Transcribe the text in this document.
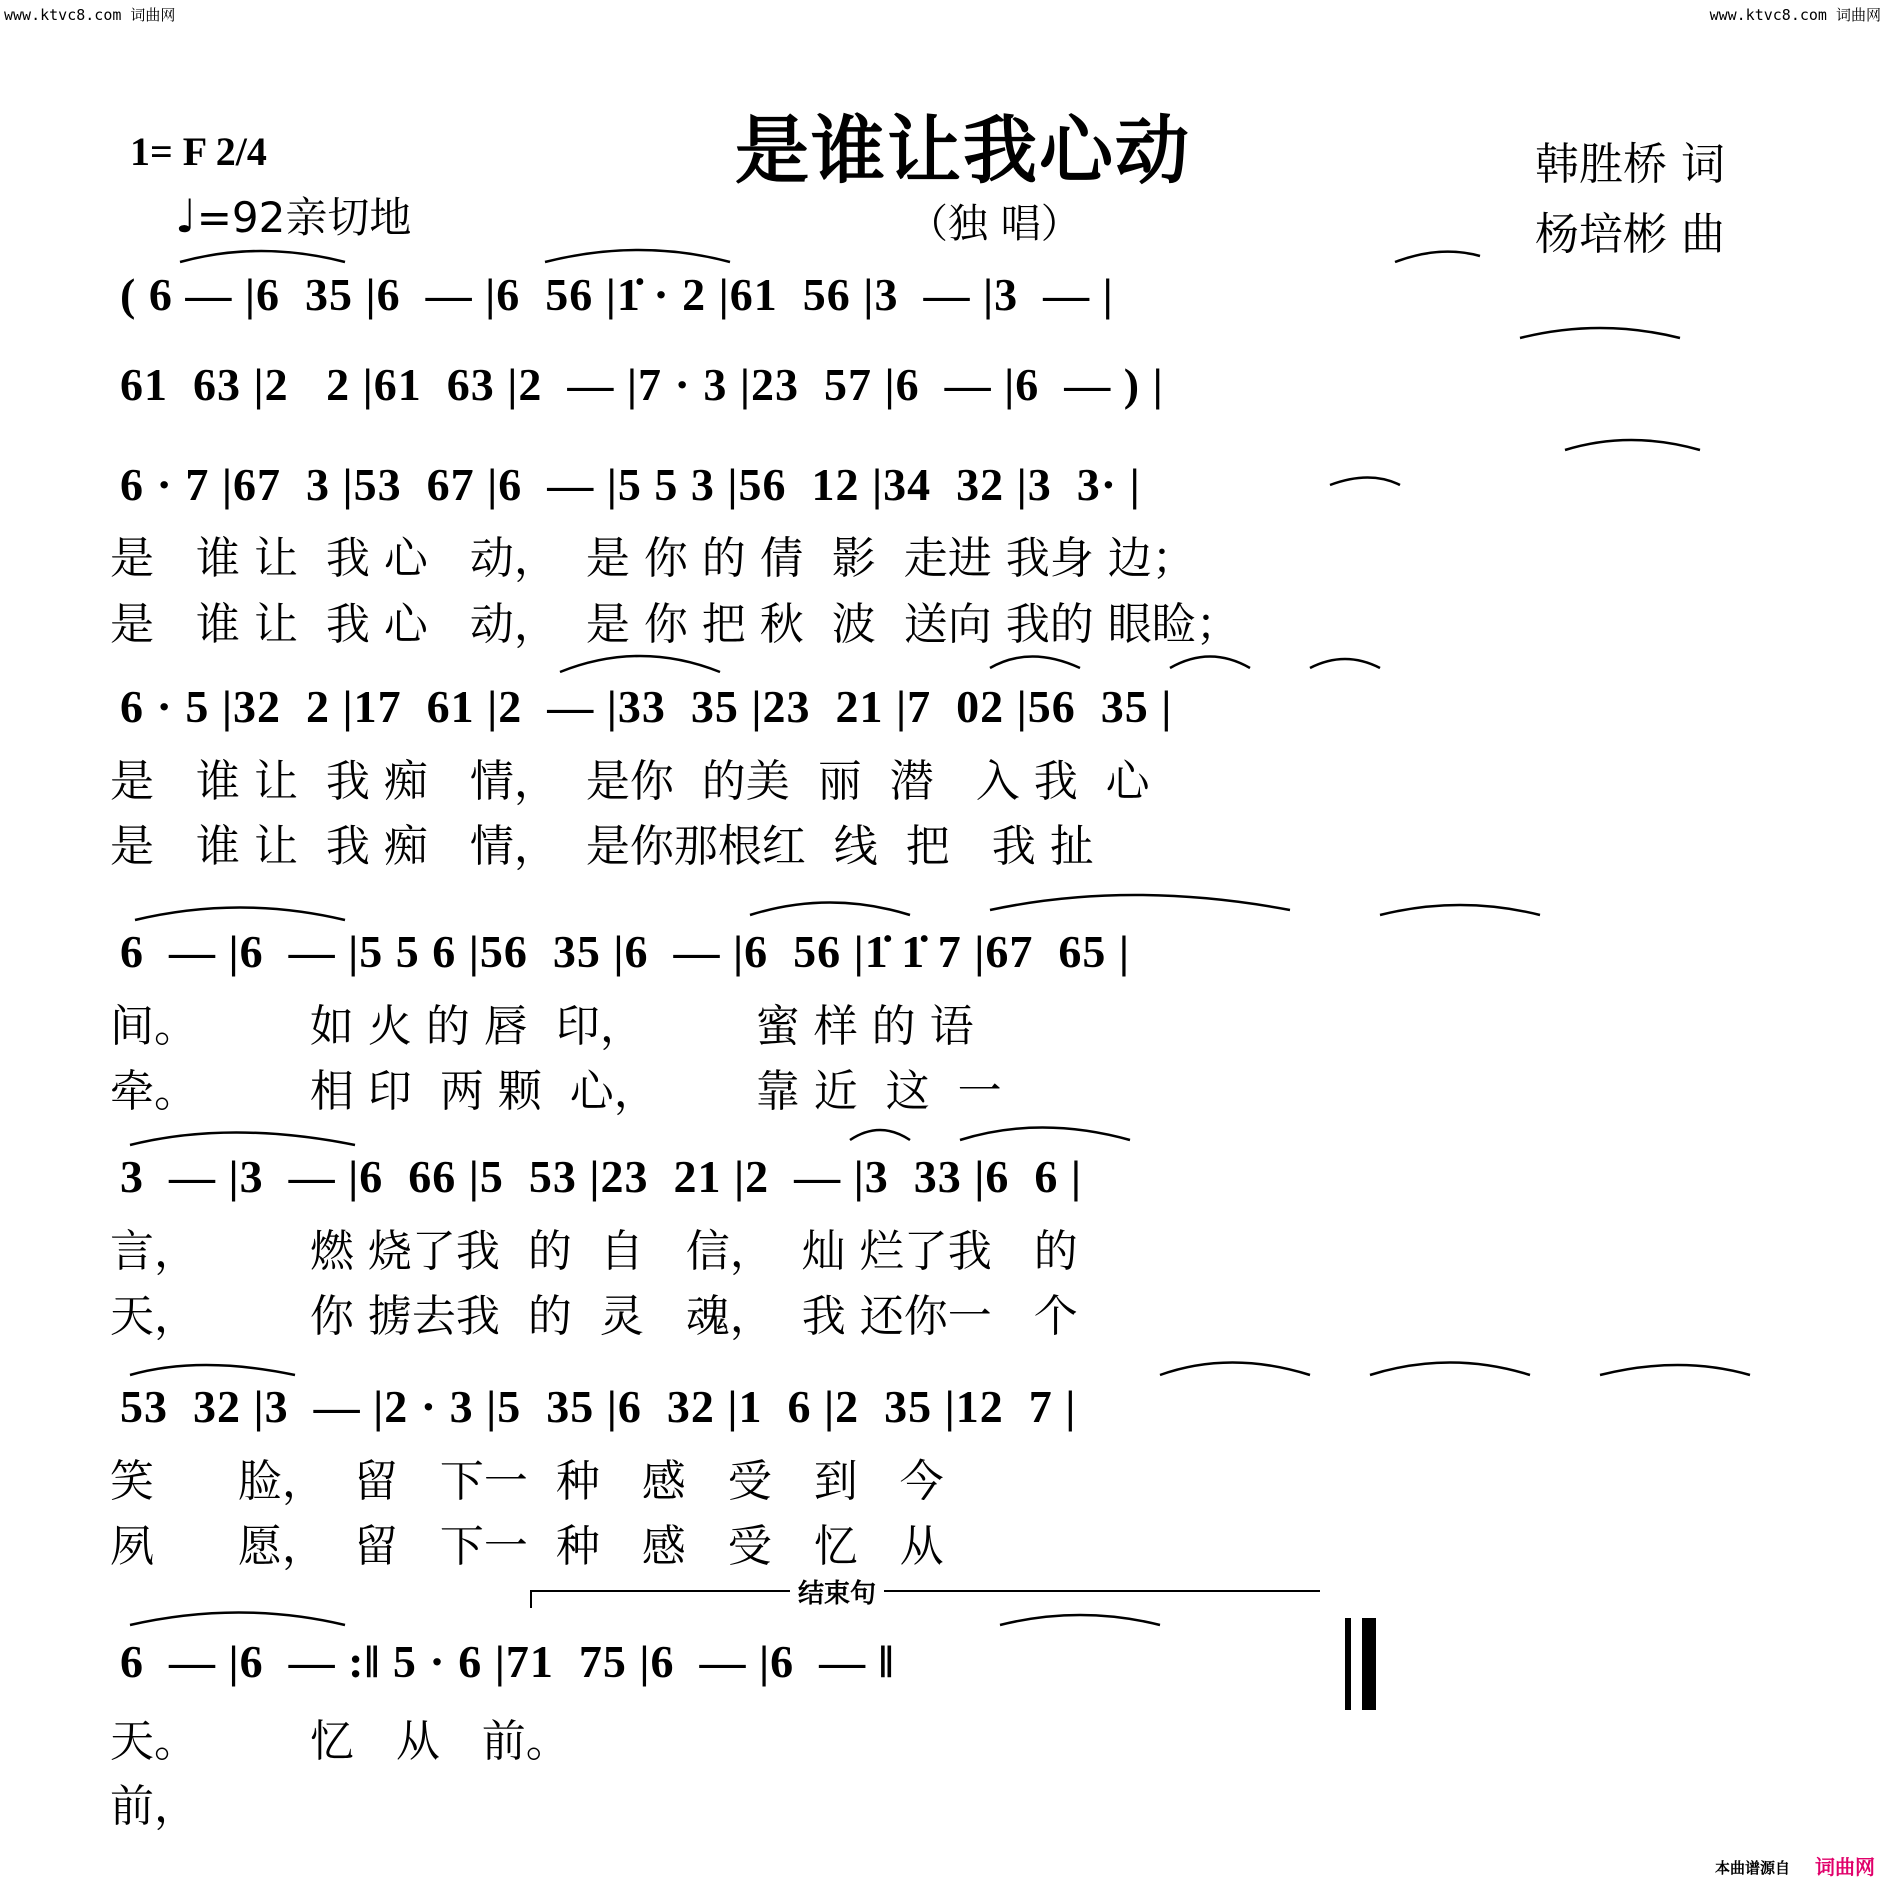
www.ktvc8.com 词曲网	www.ktvc8.com 词曲网
1= F 2/4
♩=92亲切地
是谁让我心动
（独 唱）
韩胜桥 词
杨培彬 曲
( 6 — |6  35 |6  — |6  56 |1̇ · 2 |61  56 |3  — |3  — |
61  63 |2   2 |61  63 |2  — |7 · 3 |23  57 |6  — |6  — ) |
6 · 7 |67  3 |53  67 |6  — |5 5 3 |56  12 |34  32 |3  3· |
是   谁 让  我 心   动，  是 你 的 倩  影  走进 我身 边；
是   谁 让  我 心   动，  是 你 把 秋  波  送向 我的 眼睑；
6 · 5 |32  2 |17  61 |2  — |33  35 |23  21 |7  02 |56  35 |
是   谁 让  我 痴   情，  是你  的美  丽  潜   入 我  心
是   谁 让  我 痴   情，  是你那根红  线  把   我 扯
6  — |6  — |5 5 6 |56  35 |6  — |6  56 |1̇ 1̇ 7 |67  65 |
间。        如 火 的 唇  印，        蜜 样 的 语
牵。        相 印  两 颗  心，       靠 近  这  一
3  — |3  — |6  66 |5  53 |23  21 |2  — |3  33 |6  6 |
言，        燃 烧了我  的  自   信，  灿 烂了我   的
天，        你 掳去我  的  灵   魂，  我 还你一   个
53  32 |3  — |2 · 3 |5  35 |6  32 |1  6 |2  35 |12  7 |
笑      脸，  留   下一  种   感   受   到   今
夙      愿，  留   下一  种   感   受   忆   从
结束句
6  — |6  — :‖ 5 · 6 |71  75 |6  — |6  — ‖
天。        忆   从   前。
前，
本曲谱源自 词曲网
